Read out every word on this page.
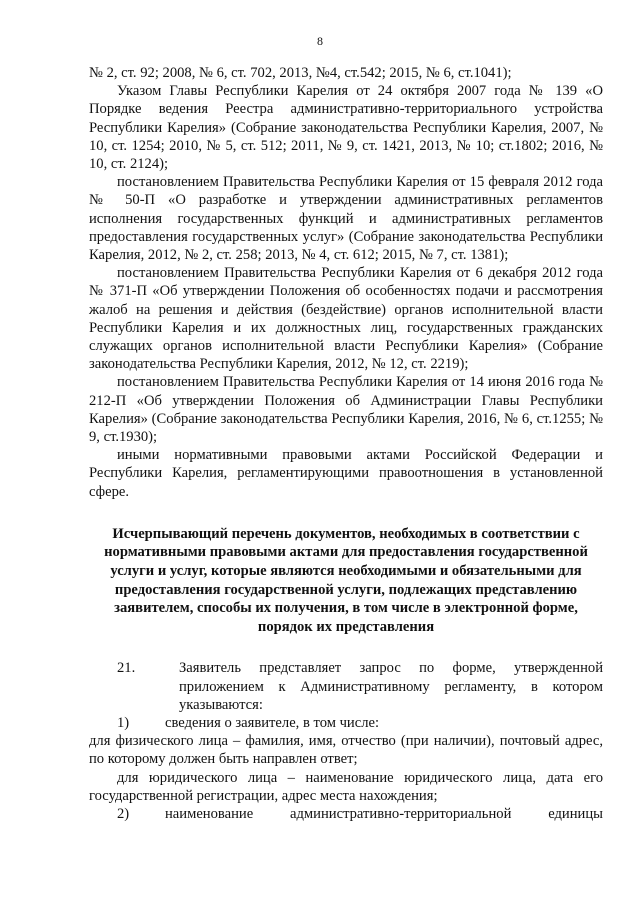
8

№ 2, ст. 92; 2008, № 6, ст. 702, 2013, №4, ст.542; 2015, № 6, ст.1041);

Указом Главы Республики Карелия от 24 октября 2007 года № 139 «О Порядке ведения Реестра административно-территориального устройства Республики Карелия» (Собрание законодательства Республики Карелия, 2007, № 10, ст. 1254; 2010, № 5, ст. 512; 2011, № 9, ст. 1421, 2013, № 10; ст.1802; 2016, № 10, ст. 2124);

постановлением Правительства Республики Карелия от 15 февраля 2012 года № 50-П «О разработке и утверждении административных регламентов исполнения государственных функций и административных регламентов предоставления государственных услуг» (Собрание законодательства Республики Карелия, 2012, № 2, ст. 258; 2013, № 4, ст. 612; 2015, № 7, ст. 1381);

постановлением Правительства Республики Карелия от 6 декабря 2012 года № 371-П «Об утверждении Положения об особенностях подачи и рассмотрения жалоб на решения и действия (бездействие) органов исполнительной власти Республики Карелия и их должностных лиц, государственных гражданских служащих органов исполнительной власти Республики Карелия» (Собрание законодательства Республики Карелия, 2012, № 12, ст. 2219);

постановлением Правительства Республики Карелия от 14 июня 2016 года № 212-П «Об утверждении Положения об Администрации Главы Республики Карелия» (Собрание законодательства Республики Карелия, 2016, № 6, ст.1255; № 9, ст.1930);

иными нормативными правовыми актами Российской Федерации и Республики Карелия, регламентирующими правоотношения в установленной сфере.

Исчерпывающий перечень документов, необходимых в соответствии с нормативными правовыми актами для предоставления государственной услуги и услуг, которые являются необходимыми и обязательными для предоставления государственной услуги, подлежащих представлению заявителем, способы их получения, в том числе в электронной форме, порядок их представления

21.	Заявитель представляет запрос по форме, утвержденной приложением к Административному регламенту, в котором указываются:
1)	сведения о заявителе, в том числе:

для физического лица – фамилия, имя, отчество (при наличии), почтовый адрес, по которому должен быть направлен ответ;

для юридического лица – наименование юридического лица, дата его государственной регистрации, адрес места нахождения;

2)	наименование	административно-территориальной	единицы
